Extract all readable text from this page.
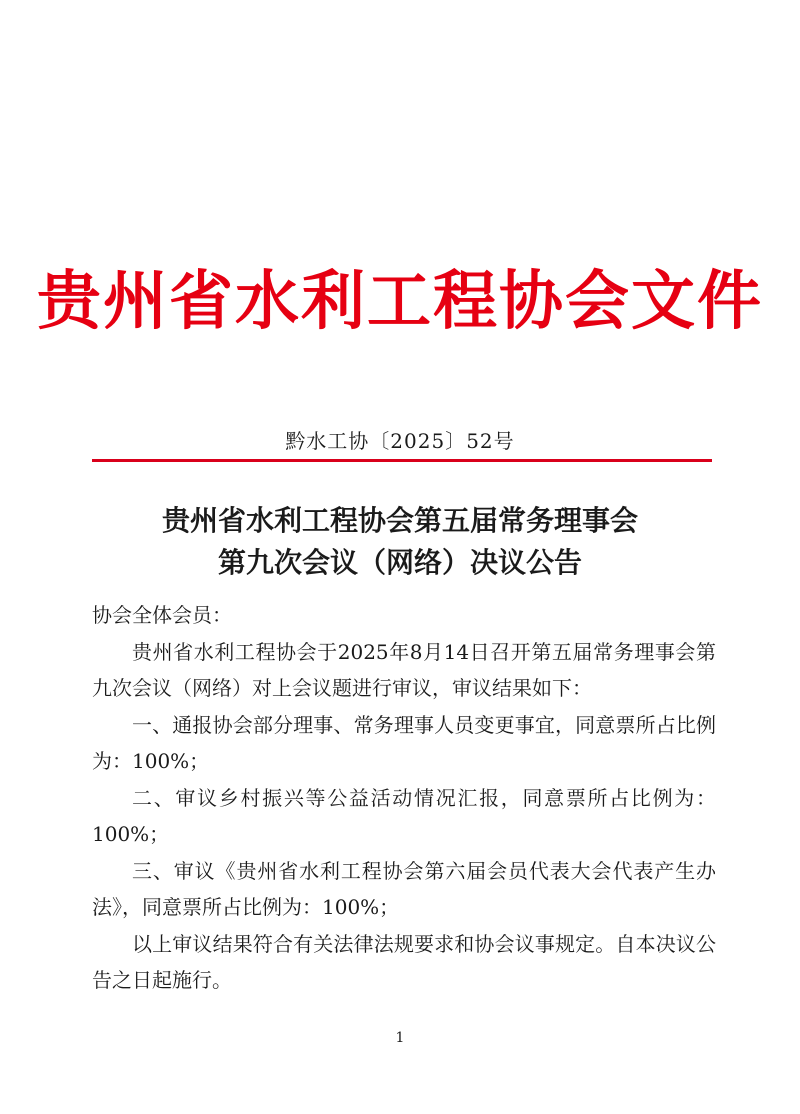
贵州省水利工程协会文件
黔水工协〔2025〕52号
贵州省水利工程协会第五届常务理事会
第九次会议（网络）决议公告

协会全体会员：

贵州省水利工程协会于2025年8月14日召开第五届常务理事会第九次会议（网络）对上会议题进行审议，审议结果如下：

一、通报协会部分理事、常务理事人员变更事宜，同意票所占比例为：100%；

二、审议乡村振兴等公益活动情况汇报，同意票所占比例为：100%；

三、审议《贵州省水利工程协会第六届会员代表大会代表产生办法》，同意票所占比例为：100%；

以上审议结果符合有关法律法规要求和协会议事规定。自本决议公告之日起施行。

1
